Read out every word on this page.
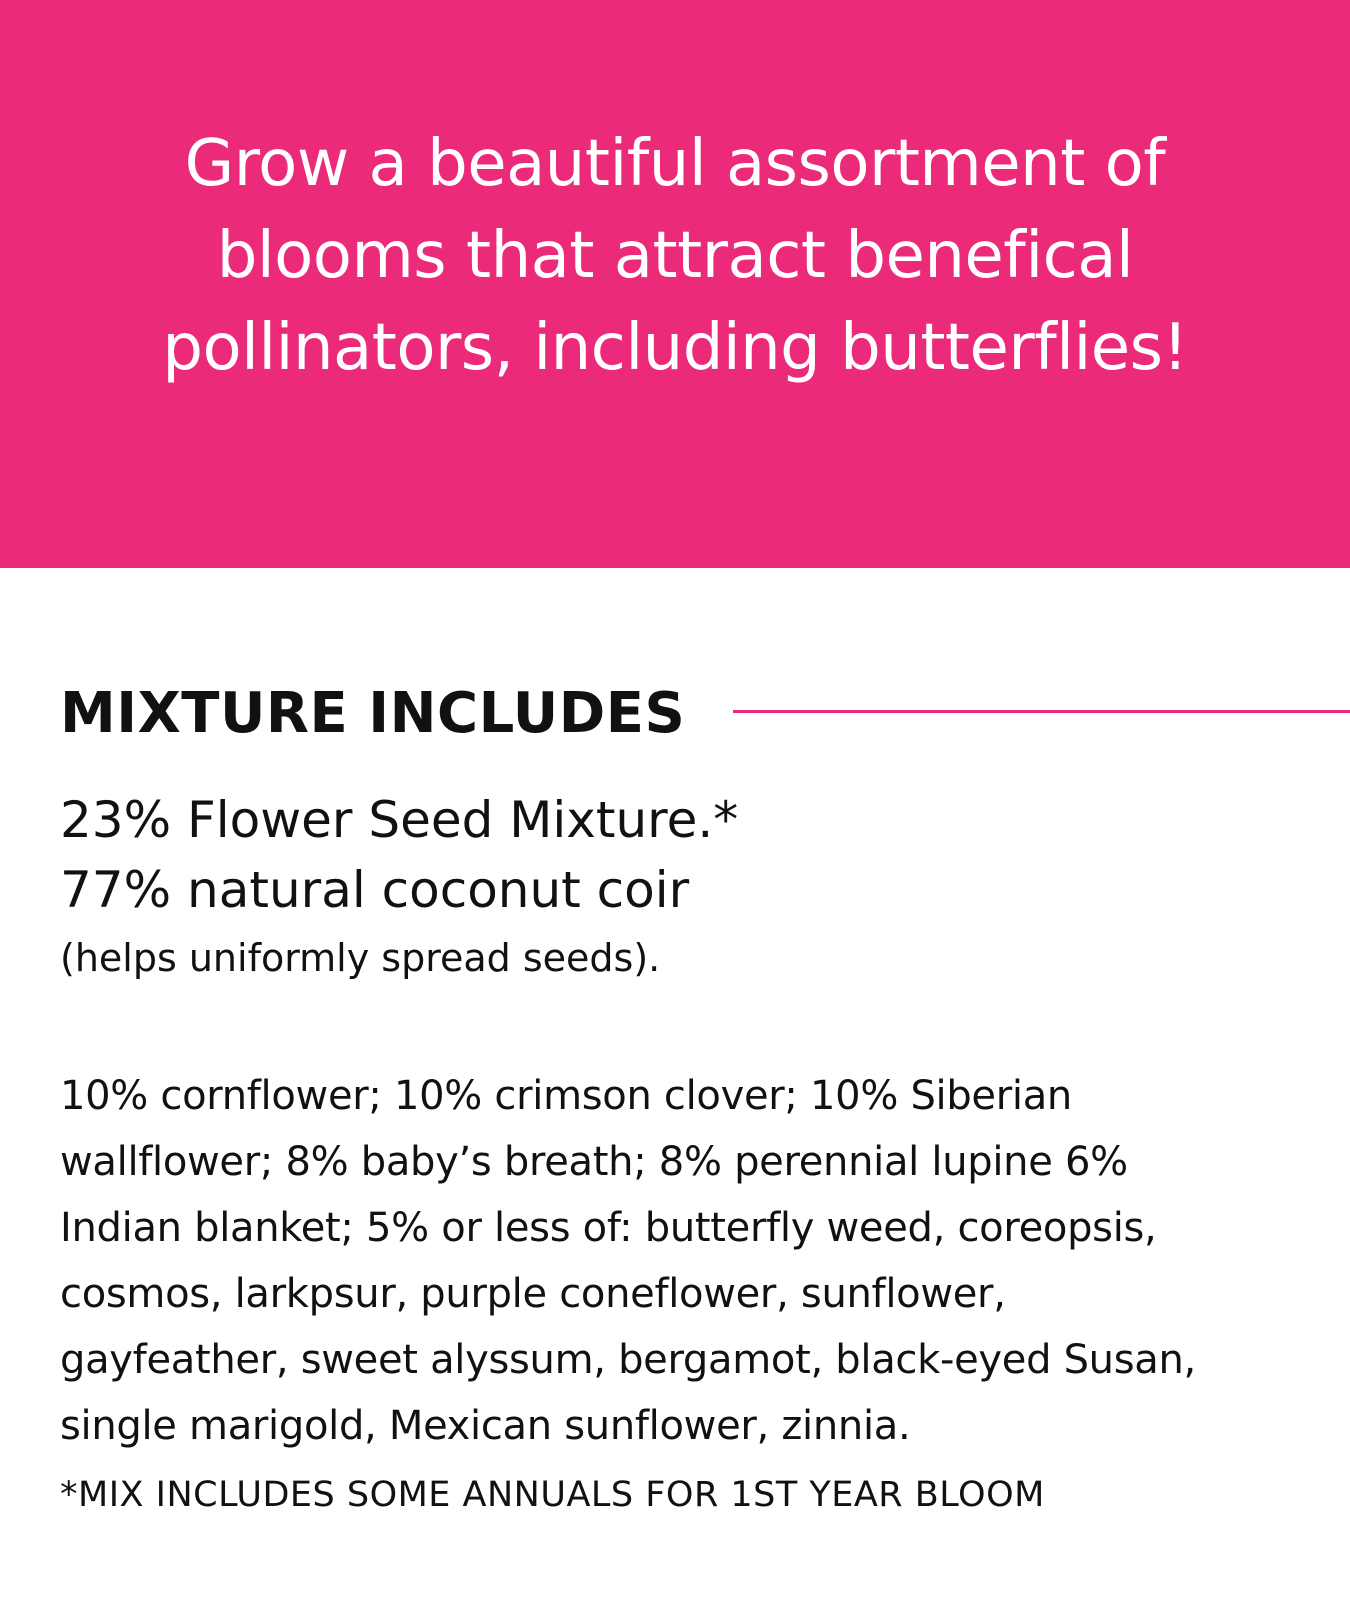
Grow a beautiful assortment of
blooms that attract benefical
pollinators, including butterflies!
MIXTURE INCLUDES
23% Flower Seed Mixture.*
77% natural coconut coir
(helps uniformly spread seeds).
10% cornflower; 10% crimson clover; 10% Siberian
wallflower; 8% baby’s breath; 8% perennial lupine 6%
Indian blanket; 5% or less of: butterfly weed, coreopsis,
cosmos, larkpsur, purple coneflower, sunflower,
gayfeather, sweet alyssum, bergamot, black-eyed Susan,
single marigold, Mexican sunflower, zinnia.
*MIX INCLUDES SOME ANNUALS FOR 1ST YEAR BLOOM
